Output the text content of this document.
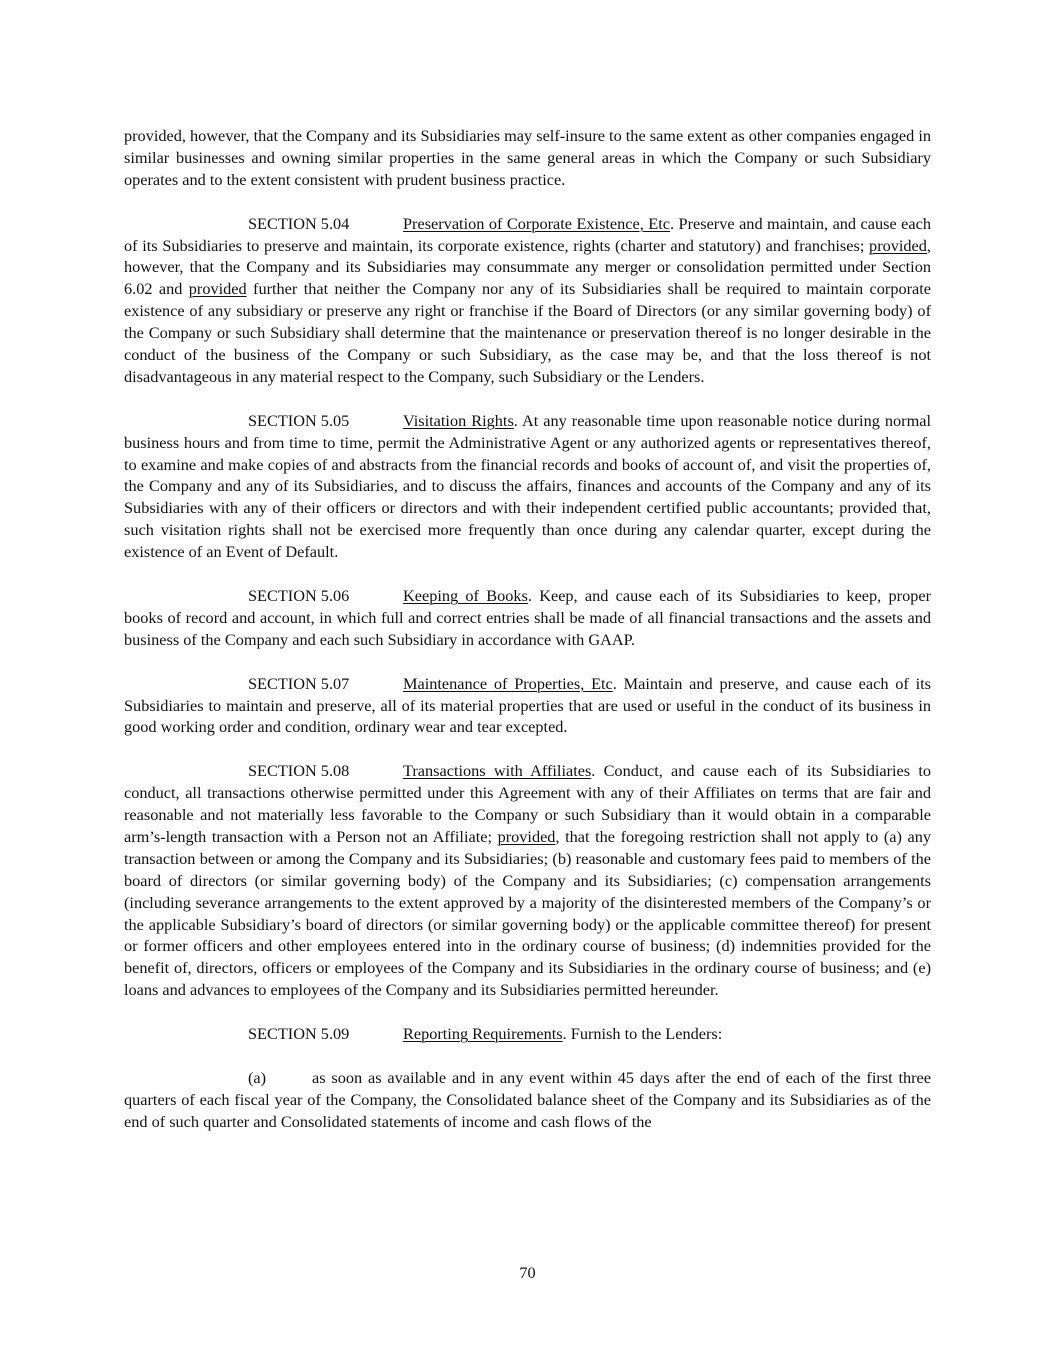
provided, however, that the Company and its Subsidiaries may self-insure to the same extent as other companies engaged in similar businesses and owning similar properties in the same general areas in which the Company or such Subsidiary operates and to the extent consistent with prudent business practice.

SECTION 5.04	Preservation of Corporate Existence, Etc. Preserve and maintain, and cause each of its Subsidiaries to preserve and maintain, its corporate existence, rights (charter and statutory) and franchises; provided, however, that the Company and its Subsidiaries may consummate any merger or consolidation permitted under Section 6.02 and provided further that neither the Company nor any of its Subsidiaries shall be required to maintain corporate existence of any subsidiary or preserve any right or franchise if the Board of Directors (or any similar governing body) of the Company or such Subsidiary shall determine that the maintenance or preservation thereof is no longer desirable in the conduct of the business of the Company or such Subsidiary, as the case may be, and that the loss thereof is not disadvantageous in any material respect to the Company, such Subsidiary or the Lenders.

SECTION 5.05	Visitation Rights. At any reasonable time upon reasonable notice during normal business hours and from time to time, permit the Administrative Agent or any authorized agents or representatives thereof, to examine and make copies of and abstracts from the financial records and books of account of, and visit the properties of, the Company and any of its Subsidiaries, and to discuss the affairs, finances and accounts of the Company and any of its Subsidiaries with any of their officers or directors and with their independent certified public accountants; provided that, such visitation rights shall not be exercised more frequently than once during any calendar quarter, except during the existence of an Event of Default.

SECTION 5.06	Keeping of Books. Keep, and cause each of its Subsidiaries to keep, proper books of record and account, in which full and correct entries shall be made of all financial transactions and the assets and business of the Company and each such Subsidiary in accordance with GAAP.

SECTION 5.07	Maintenance of Properties, Etc. Maintain and preserve, and cause each of its Subsidiaries to maintain and preserve, all of its material properties that are used or useful in the conduct of its business in good working order and condition, ordinary wear and tear excepted.

SECTION 5.08	Transactions with Affiliates. Conduct, and cause each of its Subsidiaries to conduct, all transactions otherwise permitted under this Agreement with any of their Affiliates on terms that are fair and reasonable and not materially less favorable to the Company or such Subsidiary than it would obtain in a comparable arm’s-length transaction with a Person not an Affiliate; provided, that the foregoing restriction shall not apply to (a) any transaction between or among the Company and its Subsidiaries; (b) reasonable and customary fees paid to members of the board of directors (or similar governing body) of the Company and its Subsidiaries; (c) compensation arrangements (including severance arrangements to the extent approved by a majority of the disinterested members of the Company’s or the applicable Subsidiary’s board of directors (or similar governing body) or the applicable committee thereof) for present or former officers and other employees entered into in the ordinary course of business; (d) indemnities provided for the benefit of, directors, officers or employees of the Company and its Subsidiaries in the ordinary course of business; and (e) loans and advances to employees of the Company and its Subsidiaries permitted hereunder.

SECTION 5.09	Reporting Requirements. Furnish to the Lenders:

(a)	as soon as available and in any event within 45 days after the end of each of the first three quarters of each fiscal year of the Company, the Consolidated balance sheet of the Company and its Subsidiaries as of the end of such quarter and Consolidated statements of income and cash flows of the

70
